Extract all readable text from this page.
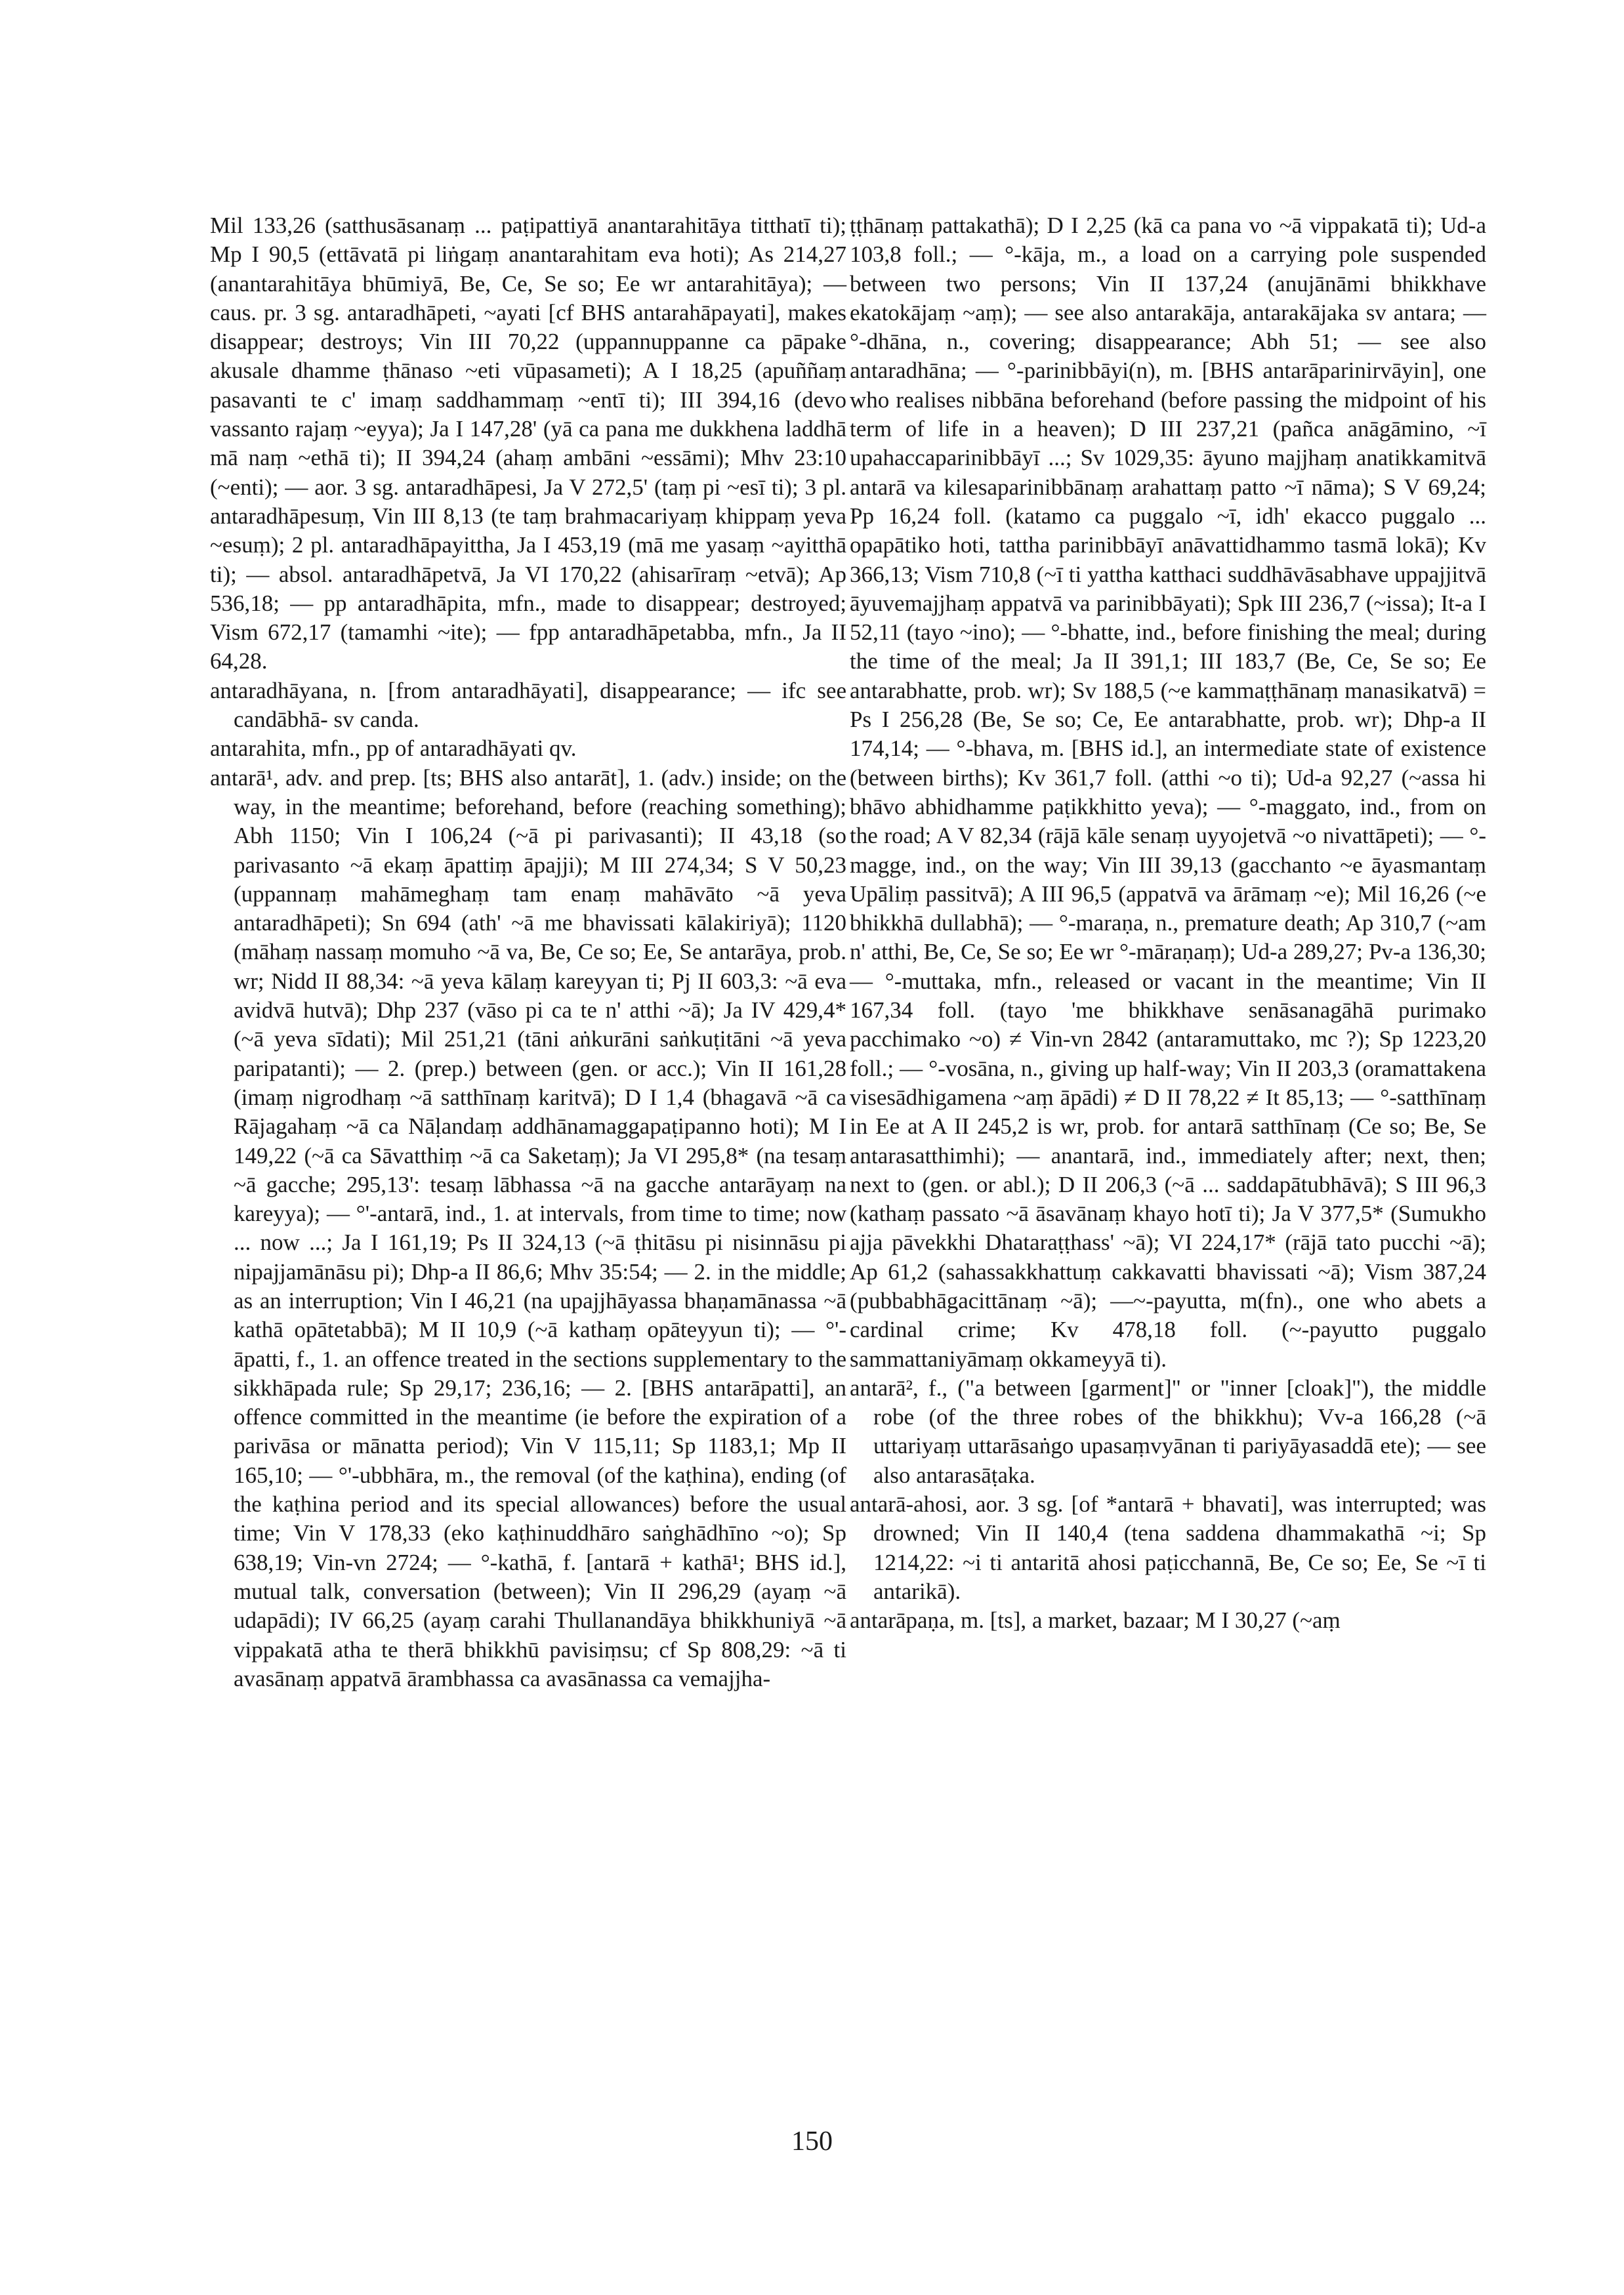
Mil 133,26 (satthusāsanaṃ ... paṭipattiyā anantarahitāya titthatī ti); Mp I 90,5 (ettāvatā pi liṅgaṃ anantarahitam eva hoti); As 214,27 (anantarahitāya bhūmiyā, Be, Ce, Se so; Ee wr antarahitāya); — caus. pr. 3 sg. antaradhāpeti, ~ayati [cf BHS antarahāpayati], makes disappear; destroys; Vin III 70,22 (uppannuppanne ca pāpake akusale dhamme ṭhānaso ~eti vūpasameti); A I 18,25 (apuññaṃ pasavanti te c' imaṃ saddhammaṃ ~entī ti); III 394,16 (devo vassanto rajaṃ ~eyya); Ja I 147,28' (yā ca pana me dukkhena laddhā mā naṃ ~ethā ti); II 394,24 (ahaṃ ambāni ~essāmi); Mhv 23:10 (~enti); — aor. 3 sg. antaradhāpesi, Ja V 272,5' (taṃ pi ~esī ti); 3 pl. antaradhāpesuṃ, Vin III 8,13 (te taṃ brahmacariyaṃ khippaṃ yeva ~esuṃ); 2 pl. antaradhāpayittha, Ja I 453,19 (mā me yasaṃ ~ayitthā ti); — absol. antaradhāpetvā, Ja VI 170,22 (ahisarīraṃ ~etvā); Ap 536,18; — pp antaradhāpita, mfn., made to disappear; destroyed; Vism 672,17 (tamamhi ~ite); — fpp antaradhāpetabba, mfn., Ja II 64,28.

antaradhāyana, n. [from antaradhāyati], disappearance; — ifc see candābhā- sv canda.

antarahita, mfn., pp of antaradhāyati qv.

antarā¹, adv. and prep. [ts; BHS also antarāt], 1. (adv.) inside; on the way, in the meantime; beforehand, before (reaching something); Abh 1150; Vin I 106,24 (~ā pi parivasanti); II 43,18 (so parivasanto ~ā ekaṃ āpattiṃ āpajji); M III 274,34; S V 50,23 (uppannaṃ mahāmeghaṃ tam enaṃ mahāvāto ~ā yeva antaradhāpeti); Sn 694 (ath' ~ā me bhavissati kālakiriyā); 1120 (māhaṃ nassaṃ momuho ~ā va, Be, Ce so; Ee, Se antarāya, prob. wr; Nidd II 88,34: ~ā yeva kālaṃ kareyyan ti; Pj II 603,3: ~ā eva avidvā hutvā); Dhp 237 (vāso pi ca te n' atthi ~ā); Ja IV 429,4* (~ā yeva sīdati); Mil 251,21 (tāni aṅkurāni saṅkuṭitāni ~ā yeva paripatanti); — 2. (prep.) between (gen. or acc.); Vin II 161,28 (imaṃ nigrodhaṃ ~ā satthīnaṃ karitvā); D I 1,4 (bhagavā ~ā ca Rājagahaṃ ~ā ca Nāḷandaṃ addhānamaggapaṭipanno hoti); M I 149,22 (~ā ca Sāvatthiṃ ~ā ca Saketaṃ); Ja VI 295,8* (na tesaṃ ~ā gacche; 295,13': tesaṃ lābhassa ~ā na gacche antarāyaṃ na kareyya); — °'-antarā, ind., 1. at intervals, from time to time; now ... now ...; Ja I 161,19; Ps II 324,13 (~ā ṭhitāsu pi nisinnāsu pi nipajjamānāsu pi); Dhp-a II 86,6; Mhv 35:54; — 2. in the middle; as an interruption; Vin I 46,21 (na upajjhāyassa bhaṇamānassa ~ā kathā opātetabbā); M II 10,9 (~ā kathaṃ opāteyyun ti); — °'-āpatti, f., 1. an offence treated in the sections supplementary to the sikkhāpada rule; Sp 29,17; 236,16; — 2. [BHS antarāpatti], an offence committed in the meantime (ie before the expiration of a parivāsa or mānatta period); Vin V 115,11; Sp 1183,1; Mp II 165,10; — °'-ubbhāra, m., the removal (of the kaṭhina), ending (of the kaṭhina period and its special allowances) before the usual time; Vin V 178,33 (eko kaṭhinuddhāro saṅghādhīno ~o); Sp 638,19; Vin-vn 2724; — °-kathā, f. [antarā + kathā¹; BHS id.], mutual talk, conversation (between); Vin II 296,29 (ayaṃ ~ā udapādi); IV 66,25 (ayaṃ carahi Thullanandāya bhikkhuniyā ~ā vippakatā atha te therā bhikkhū pavisiṃsu; cf Sp 808,29: ~ā ti avasānaṃ appatvā ārambhassa ca avasānassa ca vemajjha-

ṭṭhānaṃ pattakathā); D I 2,25 (kā ca pana vo ~ā vippakatā ti); Ud-a 103,8 foll.; — °-kāja, m., a load on a carrying pole suspended between two persons; Vin II 137,24 (anujānāmi bhikkhave ekatokājaṃ ~aṃ); — see also antarakāja, antarakājaka sv antara; — °-dhāna, n., covering; disappearance; Abh 51; — see also antaradhāna; — °-parinibbāyi(n), m. [BHS antarāparinirvāyin], one who realises nibbāna beforehand (before passing the midpoint of his term of life in a heaven); D III 237,21 (pañca anāgāmino, ~ī upahaccaparinibbāyī ...; Sv 1029,35: āyuno majjhaṃ anatikkamitvā antarā va kilesaparinibbānaṃ arahattaṃ patto ~ī nāma); S V 69,24; Pp 16,24 foll. (katamo ca puggalo ~ī, idh' ekacco puggalo ... opapātiko hoti, tattha parinibbāyī anāvattidhammo tasmā lokā); Kv 366,13; Vism 710,8 (~ī ti yattha katthaci suddhāvāsabhave uppajjitvā āyuvemajjhaṃ appatvā va parinibbāyati); Spk III 236,7 (~issa); It-a I 52,11 (tayo ~ino); — °-bhatte, ind., before finishing the meal; during the time of the meal; Ja II 391,1; III 183,7 (Be, Ce, Se so; Ee antarabhatte, prob. wr); Sv 188,5 (~e kammaṭṭhānaṃ manasikatvā) = Ps I 256,28 (Be, Se so; Ce, Ee antarabhatte, prob. wr); Dhp-a II 174,14; — °-bhava, m. [BHS id.], an intermediate state of existence (between births); Kv 361,7 foll. (atthi ~o ti); Ud-a 92,27 (~assa hi bhāvo abhidhamme paṭikkhitto yeva); — °-maggato, ind., from on the road; A V 82,34 (rājā kāle senaṃ uyyojetvā ~o nivattāpeti); — °-magge, ind., on the way; Vin III 39,13 (gacchanto ~e āyasmantaṃ Upāliṃ passitvā); A III 96,5 (appatvā va ārāmaṃ ~e); Mil 16,26 (~e bhikkhā dullabhā); — °-maraṇa, n., premature death; Ap 310,7 (~am n' atthi, Be, Ce, Se so; Ee wr °-māraṇaṃ); Ud-a 289,27; Pv-a 136,30; — °-muttaka, mfn., released or vacant in the meantime; Vin II 167,34 foll. (tayo 'me bhikkhave senāsanagāhā purimako pacchimako ~o) ≠ Vin-vn 2842 (antaramuttako, mc ?); Sp 1223,20 foll.; — °-vosāna, n., giving up half-way; Vin II 203,3 (oramattakena visesādhigamena ~aṃ āpādi) ≠ D II 78,22 ≠ It 85,13; — °-satthīnaṃ in Ee at A II 245,2 is wr, prob. for antarā satthīnaṃ (Ce so; Be, Se antarasatthimhi); — anantarā, ind., immediately after; next, then; next to (gen. or abl.); D II 206,3 (~ā ... saddapātubhāvā); S III 96,3 (kathaṃ passato ~ā āsavānaṃ khayo hotī ti); Ja V 377,5* (Sumukho ajja pāvekkhi Dhataraṭṭhass' ~ā); VI 224,17* (rājā tato pucchi ~ā); Ap 61,2 (sahassakkhattuṃ cakkavatti bhavissati ~ā); Vism 387,24 (pubbabhāgacittānaṃ ~ā); —~-payutta, m(fn)., one who abets a cardinal crime; Kv 478,18 foll. (~-payutto puggalo sammattaniyāmaṃ okkameyyā ti).

antarā², f., ("a between [garment]" or "inner [cloak]"), the middle robe (of the three robes of the bhikkhu); Vv-a 166,28 (~ā uttariyaṃ uttarāsaṅgo upasaṃvyānan ti pariyāyasaddā ete); — see also antarasāṭaka.

antarā-ahosi, aor. 3 sg. [of *antarā + bhavati], was interrupted; was drowned; Vin II 140,4 (tena saddena dhammakathā ~i; Sp 1214,22: ~i ti antaritā ahosi paṭicchannā, Be, Ce so; Ee, Se ~ī ti antarikā).

antarāpaṇa, m. [ts], a market, bazaar; M I 30,27 (~aṃ

150
